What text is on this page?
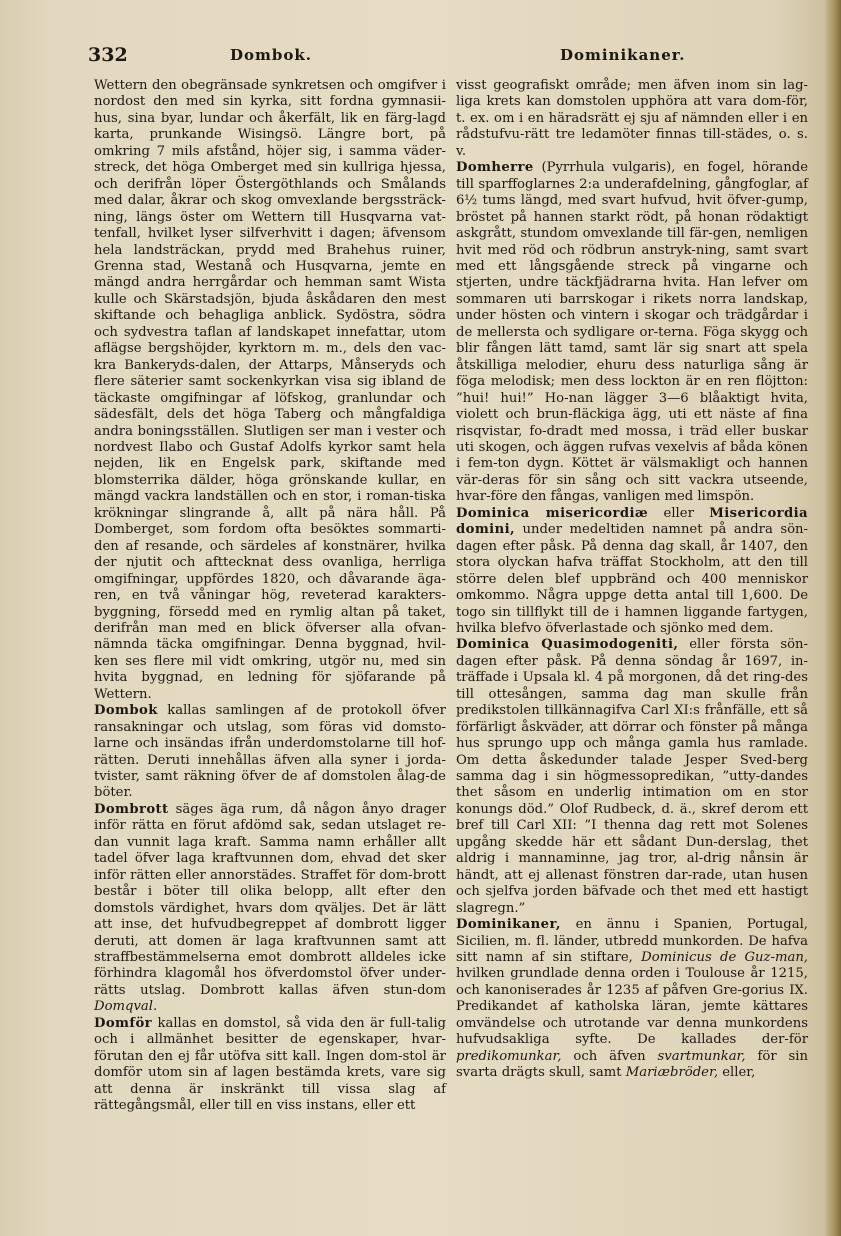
332	Dombok.	Dominikaner.

Wettern den obegränsade synkretsen och omgifver i nordost den med sin kyrka, sitt fordna gymnasii-hus, sina byar, lundar och åkerfält, lik en färg-lagd karta, prunkande Wisingsö. Längre bort, på omkring 7 mils afstånd, höjer sig, i samma väder-streck, det höga Omberget med sin kullriga hjessa, och derifrån löper Östergöthlands och Smålands med dalar, åkrar och skog omvexlande bergssträck-ning, längs öster om Wettern till Husqvarna vat-tenfall, hvilket lyser silfverhvitt i dagen; äfvensom hela landsträckan, prydd med Brahehus ruiner, Grenna stad, Westanå och Husqvarna, jemte en mängd andra herrgårdar och hemman samt Wista kulle och Skärstadsjön, bjuda åskådaren den mest skiftande och behagliga anblick. Sydöstra, södra och sydvestra taflan af landskapet innefattar, utom aflägse bergshöjder, kyrktorn m. m., dels den vac-kra Bankeryds-dalen, der Attarps, Månseryds och flere säterier samt sockenkyrkan visa sig ibland de täckaste omgifningar af löfskog, granlundar och sädesfält, dels det höga Taberg och mångfaldiga andra boningsställen. Slutligen ser man i vester och nordvest Ilabo och Gustaf Adolfs kyrkor samt hela nejden, lik en Engelsk park, skiftande med blomsterrika dälder, höga grönskande kullar, en mängd vackra landställen och en stor, i roman-tiska krökningar slingrande å, allt på nära håll. På Domberget, som fordom ofta besöktes sommarti-den af resande, och särdeles af konstnärer, hvilka der njutit och afttecknat dess ovanliga, herrliga omgifningar, uppfördes 1820, och dåvarande äga-ren, en två våningar hög, reveterad karakters-byggning, försedd med en rymlig altan på taket, derifrån man med en blick öfverser alla ofvan-nämnda täcka omgifningar. Denna byggnad, hvil-ken ses flere mil vidt omkring, utgör nu, med sin hvita byggnad, en ledning för sjöfarande på Wettern.

Dombok kallas samlingen af de protokoll öfver ransakningar och utslag, som föras vid domsto-larne och insändas ifrån underdomstolarne till hof-rätten. Deruti innehållas äfven alla syner i jorda-tvister, samt räkning öfver de af domstolen ålag-de böter.

Dombrott säges äga rum, då någon ånyo drager inför rätta en förut afdömd sak, sedan utslaget re-dan vunnit laga kraft. Samma namn erhåller allt tadel öfver laga kraftvunnen dom, ehvad det sker inför rätten eller annorstädes. Straffet för dom-brott består i böter till olika belopp, allt efter den domstols värdighet, hvars dom qväljes. Det är lätt att inse, det hufvudbegreppet af dombrott ligger deruti, att domen är laga kraftvunnen samt att straffbestämmelserna emot dombrott alldeles icke förhindra klagomål hos öfverdomstol öfver under-rätts utslag. Dombrott kallas äfven stun-dom Domqval.

Domför kallas en domstol, så vida den är full-talig och i allmänhet besitter de egenskaper, hvar-förutan den ej får utöfva sitt kall. Ingen dom-stol är domför utom sin af lagen bestämda krets, vare sig att denna är inskränkt till vissa slag af rättegångsmål, eller till en viss instans, eller ett

visst geografiskt område; men äfven inom sin lag-liga krets kan domstolen upphöra att vara dom-för, t. ex. om i en häradsrätt ej sju af nämnden eller i en rådstufvu-rätt tre ledamöter finnas till-städes, o. s. v.

Domherre (Pyrrhula vulgaris), en fogel, hörande till sparffoglarnes 2:a underafdelning, gångfoglar, af 6½ tums längd, med svart hufvud, hvit öfver-gump, bröstet på hannen starkt rödt, på honan rödaktigt askgrått, stundom omvexlande till fär-gen, nemligen hvit med röd och rödbrun anstryk-ning, samt svart med ett långsgående streck på vingarne och stjerten, undre täckfjädrarna hvita. Han lefver om sommaren uti barrskogar i rikets norra landskap, under hösten och vintern i skogar och trädgårdar i de mellersta och sydligare or-terna. Föga skygg och blir fången lätt tamd, samt lär sig snart att spela åtskilliga melodier, ehuru dess naturliga sång är föga melodisk; men dess lockton är en ren flöjtton: ”hui! hui!” Ho-nan lägger 3—6 blåaktigt hvita, violett och brun-fläckiga ägg, uti ett näste af fina risqvistar, fo-dradt med mossa, i träd eller buskar uti skogen, och äggen rufvas vexelvis af båda könen i fem-ton dygn. Köttet är välsmakligt och hannen vär-deras för sin sång och sitt vackra utseende, hvar-före den fångas, vanligen med limspön.

Dominica misericordiæ eller Misericordia domini, under medeltiden namnet på andra sön-dagen efter påsk. På denna dag skall, år 1407, den stora olyckan hafva träffat Stockholm, att den till större delen blef uppbränd och 400 menniskor omkommo. Några uppge detta antal till 1,600. De togo sin tillflykt till de i hamnen liggande fartygen, hvilka blefvo öfverlastade och sjönko med dem.

Dominica Quasimodogeniti, eller första sön-dagen efter påsk. På denna söndag år 1697, in-träffade i Upsala kl. 4 på morgonen, då det ring-des till ottesången, samma dag man skulle från predikstolen tillkännagifva Carl XI:s frånfälle, ett så förfärligt åskväder, att dörrar och fönster på många hus sprungo upp och många gamla hus ramlade. Om detta åskedunder talade Jesper Sved-berg samma dag i sin högmessopredikan, ”utty-dandes thet såsom en underlig intimation om en stor konungs död.” Olof Rudbeck, d. ä., skref derom ett bref till Carl XII: ”I thenna dag rett mot Solenes upgång skedde här ett sådant Dun-derslag, thet aldrig i mannaminne, jag tror, al-drig nånsin är händt, att ej allenast fönstren dar-rade, utan husen och sjelfva jorden bäfvade och thet med ett hastigt slagregn.”

Dominikaner, en ännu i Spanien, Portugal, Sicilien, m. fl. länder, utbredd munkorden. De hafva sitt namn af sin stiftare, Dominicus de Guz-man, hvilken grundlade denna orden i Toulouse år 1215, och kanoniserades år 1235 af påfven Gre-gorius IX. Predikandet af katholska läran, jemte kättares omvändelse och utrotande var denna munkordens hufvudsakliga syfte. De kallades der-för predikomunkar, och äfven svartmunkar, för sin svarta drägts skull, samt Mariæbröder, eller,
